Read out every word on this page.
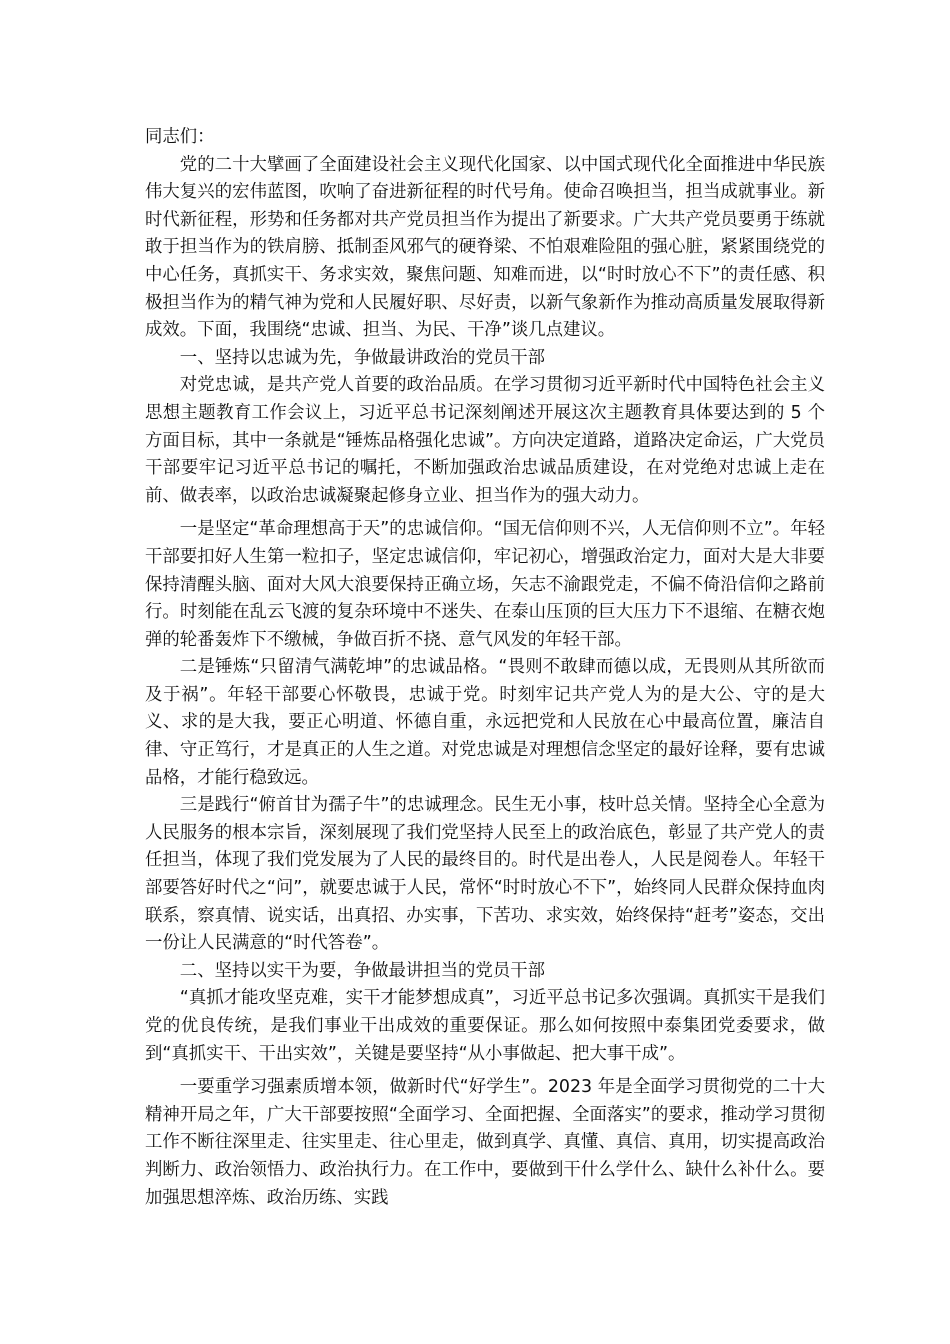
同志们：

党的二十大擘画了全面建设社会主义现代化国家、以中国式现代化全面推进中华民族伟大复兴的宏伟蓝图，吹响了奋进新征程的时代号角。使命召唤担当，担当成就事业。新时代新征程，形势和任务都对共产党员担当作为提出了新要求。广大共产党员要勇于练就敢于担当作为的铁肩膀、抵制歪风邪气的硬脊梁、不怕艰难险阻的强心脏，紧紧围绕党的中心任务，真抓实干、务求实效，聚焦问题、知难而进，以“时时放心不下”的责任感、积极担当作为的精气神为党和人民履好职、尽好责，以新气象新作为推动高质量发展取得新成效。下面，我围绕“忠诚、担当、为民、干净”谈几点建议。

一、坚持以忠诚为先，争做最讲政治的党员干部

对党忠诚，是共产党人首要的政治品质。在学习贯彻习近平新时代中国特色社会主义思想主题教育工作会议上，习近平总书记深刻阐述开展这次主题教育具体要达到的 5 个方面目标，其中一条就是“锤炼品格强化忠诚”。方向决定道路，道路决定命运，广大党员干部要牢记习近平总书记的嘱托，不断加强政治忠诚品质建设，在对党绝对忠诚上走在前、做表率，以政治忠诚凝聚起修身立业、担当作为的强大动力。

一是坚定“革命理想高于天”的忠诚信仰。“国无信仰则不兴，人无信仰则不立”。年轻干部要扣好人生第一粒扣子，坚定忠诚信仰，牢记初心，增强政治定力，面对大是大非要保持清醒头脑、面对大风大浪要保持正确立场，矢志不渝跟党走，不偏不倚沿信仰之路前行。时刻能在乱云飞渡的复杂环境中不迷失、在泰山压顶的巨大压力下不退缩、在糖衣炮弹的轮番轰炸下不缴械，争做百折不挠、意气风发的年轻干部。

二是锤炼“只留清气满乾坤”的忠诚品格。“畏则不敢肆而德以成，无畏则从其所欲而及于祸”。年轻干部要心怀敬畏，忠诚于党。时刻牢记共产党人为的是大公、守的是大义、求的是大我，要正心明道、怀德自重，永远把党和人民放在心中最高位置，廉洁自律、守正笃行，才是真正的人生之道。对党忠诚是对理想信念坚定的最好诠释，要有忠诚品格，才能行稳致远。

三是践行“俯首甘为孺子牛”的忠诚理念。民生无小事，枝叶总关情。坚持全心全意为人民服务的根本宗旨，深刻展现了我们党坚持人民至上的政治底色，彰显了共产党人的责任担当，体现了我们党发展为了人民的最终目的。时代是出卷人，人民是阅卷人。年轻干部要答好时代之“问”，就要忠诚于人民，常怀“时时放心不下”，始终同人民群众保持血肉联系，察真情、说实话，出真招、办实事，下苦功、求实效，始终保持“赶考”姿态，交出一份让人民满意的“时代答卷”。

二、坚持以实干为要，争做最讲担当的党员干部

“真抓才能攻坚克难，实干才能梦想成真”，习近平总书记多次强调。真抓实干是我们党的优良传统，是我们事业干出成效的重要保证。那么如何按照中泰集团党委要求，做到“真抓实干、干出实效”，关键是要坚持“从小事做起、把大事干成”。

一要重学习强素质增本领，做新时代“好学生”。2023 年是全面学习贯彻党的二十大精神开局之年，广大干部要按照“全面学习、全面把握、全面落实”的要求，推动学习贯彻工作不断往深里走、往实里走、往心里走，做到真学、真懂、真信、真用，切实提高政治判断力、政治领悟力、政治执行力。在工作中，要做到干什么学什么、缺什么补什么。要加强思想淬炼、政治历练、实践
